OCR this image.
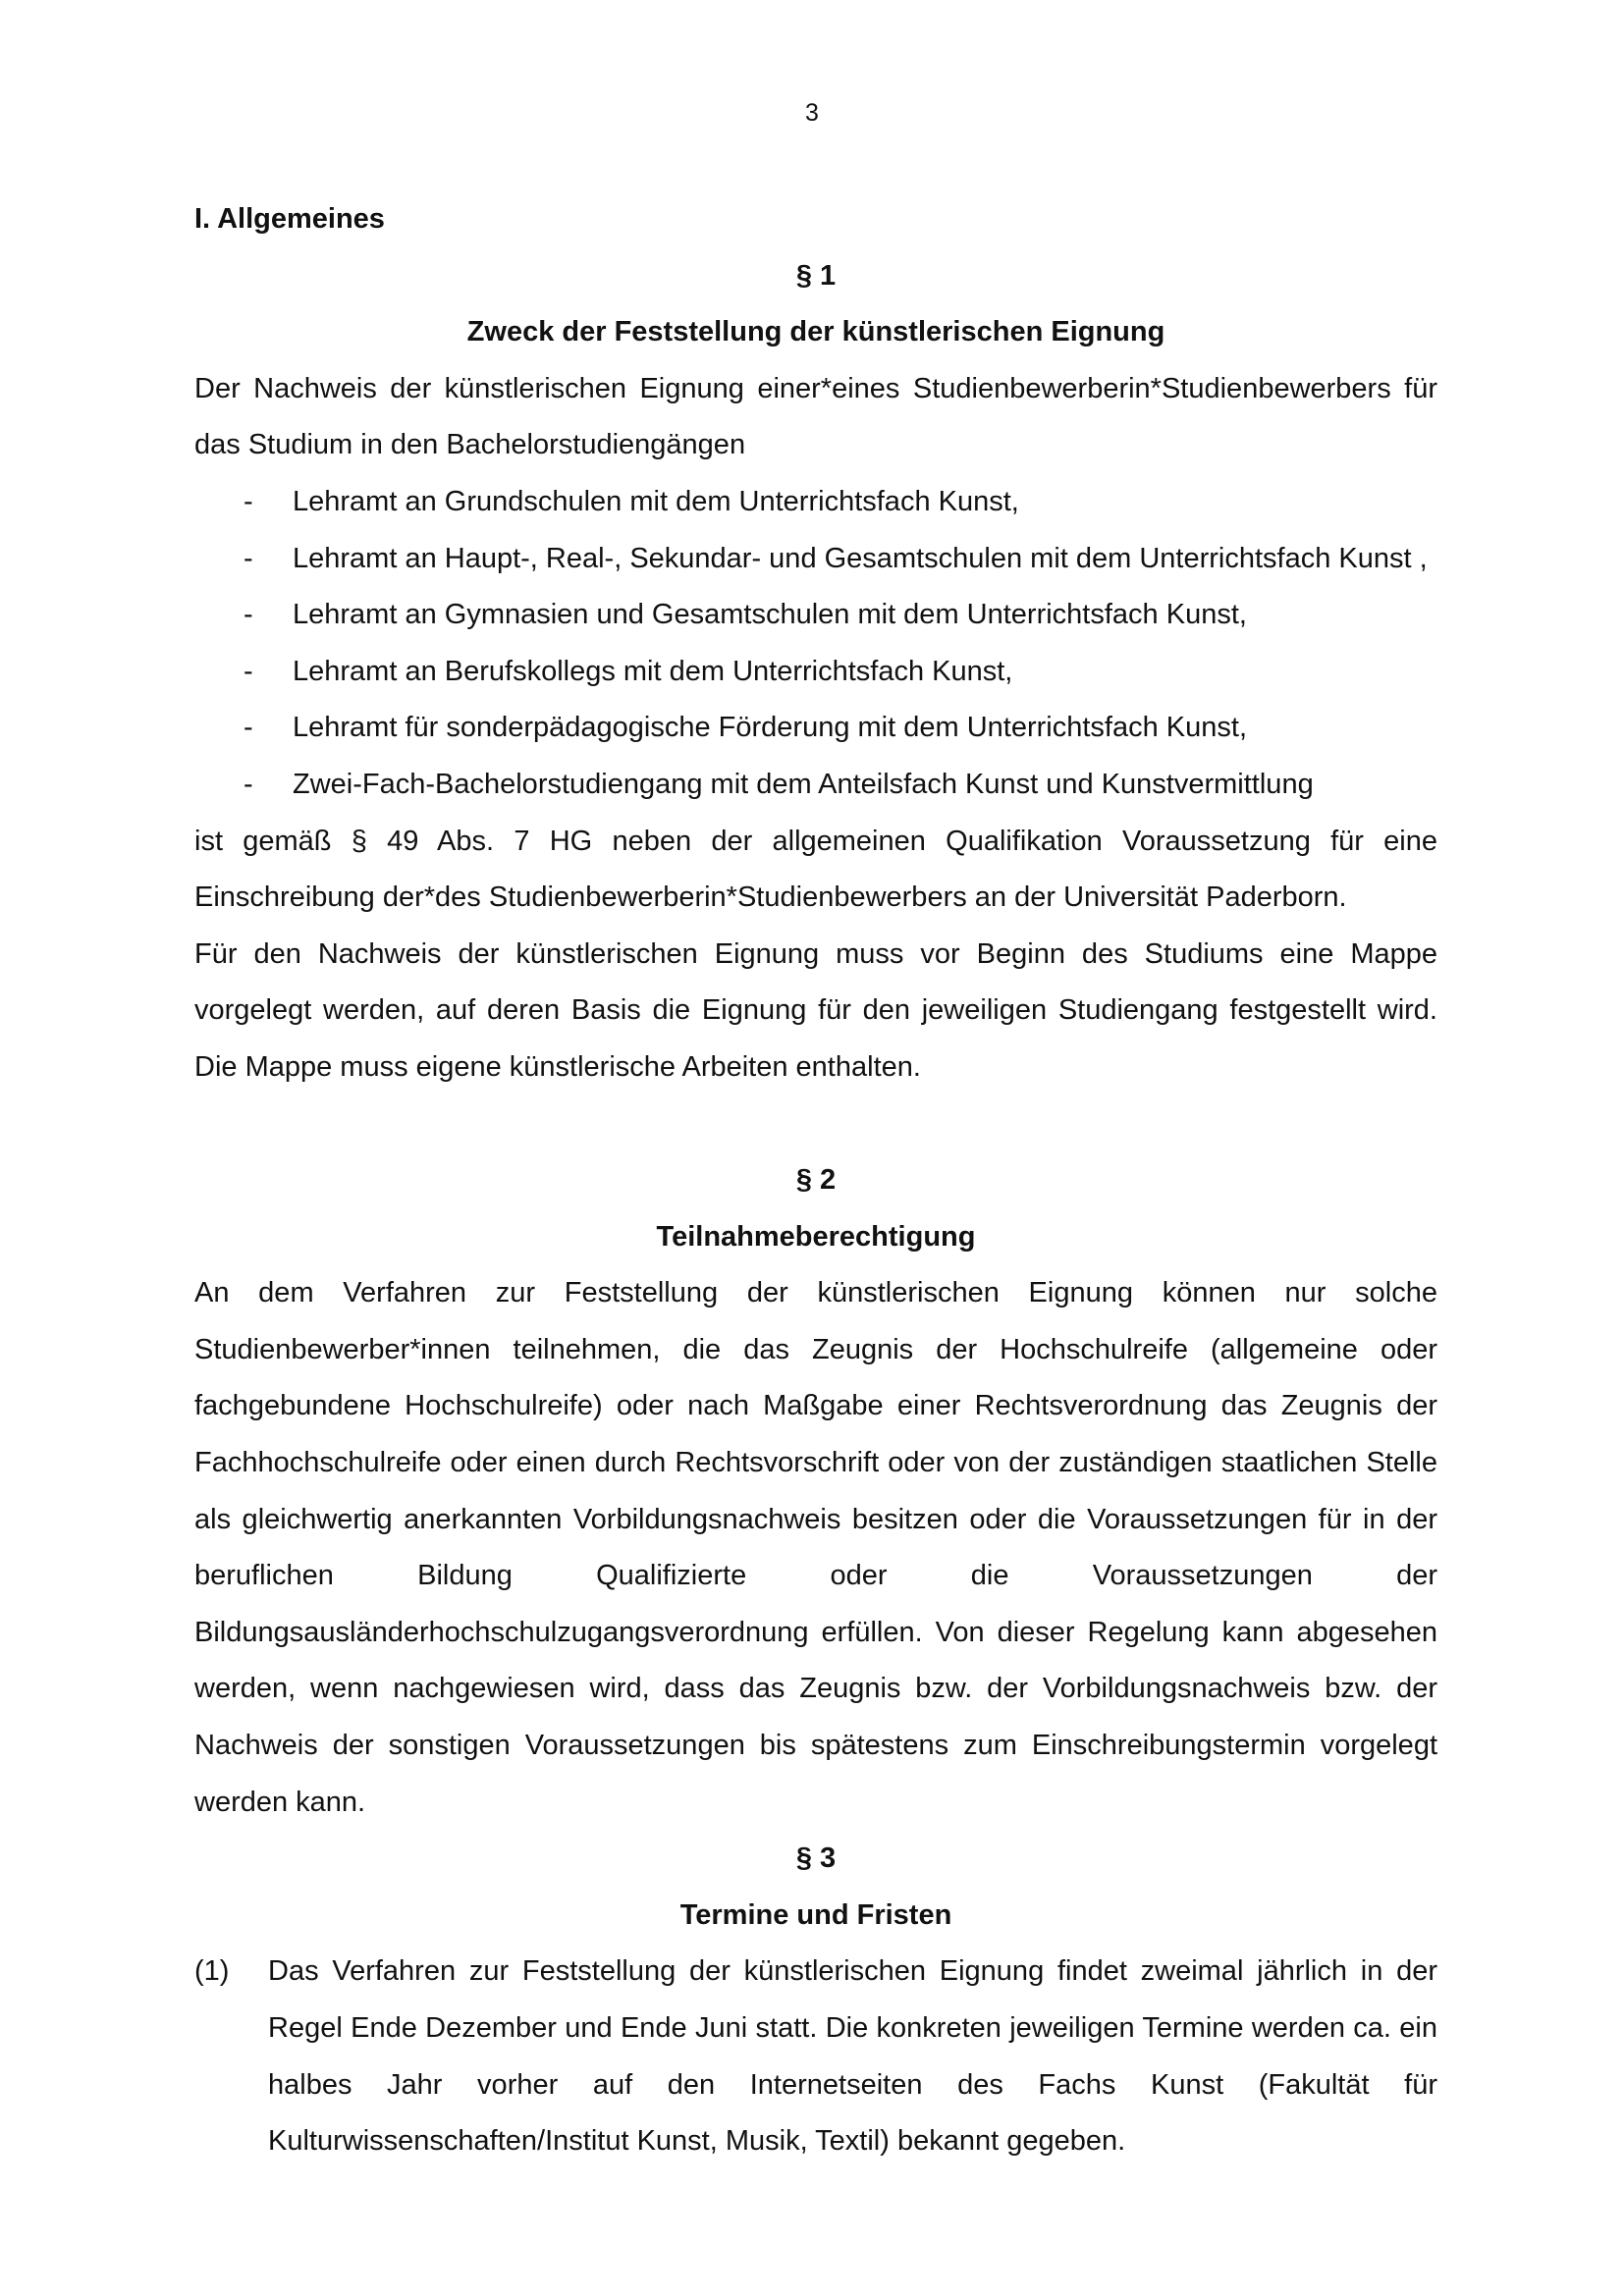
3
I. Allgemeines
§ 1
Zweck der Feststellung der künstlerischen Eignung

Der Nachweis der künstlerischen Eignung einer*eines Studienbewerberin*Studienbewerbers für das Studium in den Bachelorstudiengängen

- Lehramt an Grundschulen mit dem Unterrichtsfach Kunst,
- Lehramt an Haupt-, Real-, Sekundar- und Gesamtschulen mit dem Unterrichtsfach Kunst ,
- Lehramt an Gymnasien und Gesamtschulen mit dem Unterrichtsfach Kunst,
- Lehramt an Berufskollegs mit dem Unterrichtsfach Kunst,
- Lehramt für sonderpädagogische Förderung mit dem Unterrichtsfach Kunst,
- Zwei-Fach-Bachelorstudiengang mit dem Anteilsfach Kunst und Kunstvermittlung

ist gemäß § 49 Abs. 7 HG neben der allgemeinen Qualifikation Voraussetzung für eine Einschreibung der*des Studienbewerberin*Studienbewerbers an der Universität Paderborn.

Für den Nachweis der künstlerischen Eignung muss vor Beginn des Studiums eine Mappe vorgelegt werden, auf deren Basis die Eignung für den jeweiligen Studiengang festgestellt wird. Die Mappe muss eigene künstlerische Arbeiten enthalten.

§ 2
Teilnahmeberechtigung

An dem Verfahren zur Feststellung der künstlerischen Eignung können nur solche Studienbewerber*innen teilnehmen, die das Zeugnis der Hochschulreife (allgemeine oder fachgebundene Hochschulreife) oder nach Maßgabe einer Rechtsverordnung das Zeugnis der Fachhochschulreife oder einen durch Rechtsvorschrift oder von der zuständigen staatlichen Stelle als gleichwertig anerkannten Vorbildungsnachweis besitzen oder die Voraussetzungen für in der beruflichen Bildung Qualifizierte oder die Voraussetzungen der Bildungsausländerhochschulzugangsverordnung erfüllen. Von dieser Regelung kann abgesehen werden, wenn nachgewiesen wird, dass das Zeugnis bzw. der Vorbildungsnachweis bzw. der Nachweis der sonstigen Voraussetzungen bis spätestens zum Einschreibungstermin vorgelegt werden kann.

§ 3
Termine und Fristen
(1) Das Verfahren zur Feststellung der künstlerischen Eignung findet zweimal jährlich in der Regel Ende Dezember und Ende Juni statt. Die konkreten jeweiligen Termine werden ca. ein halbes Jahr vorher auf den Internetseiten des Fachs Kunst (Fakultät für Kulturwissenschaften/Institut Kunst, Musik, Textil) bekannt gegeben.
